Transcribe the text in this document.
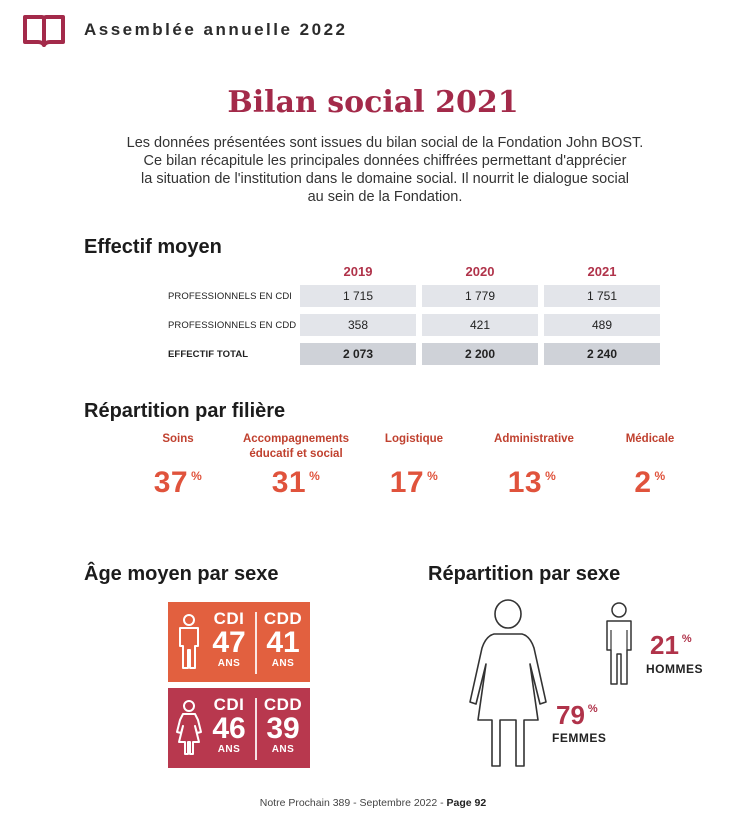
Assemblée annuelle 2022
Bilan social 2021
Les données présentées sont issues du bilan social de la Fondation John BOST.
Ce bilan récapitule les principales données chiffrées permettant d'apprécier
la situation de l'institution dans le domaine social. Il nourrit le dialogue social
au sein de la Fondation.
Effectif moyen
2019	2020	2021
PROFESSIONNELS EN CDI	1 715	1 779	1 751
PROFESSIONNELS EN CDD	358	421	489
EFFECTIF TOTAL	2 073	2 200	2 240
Répartition par filière
Soins
37 %
Accompagnements
éducatif et social
31 %
Logistique
17 %
Administrative
13 %
Médicale
2 %
Âge moyen par sexe
CDI
47
ANS
CDD
41
ANS
CDI
46
ANS
CDD
39
ANS
Répartition par sexe
21 %
HOMMES
79 %
FEMMES
Notre Prochain 389 - Septembre 2022 - Page 92
